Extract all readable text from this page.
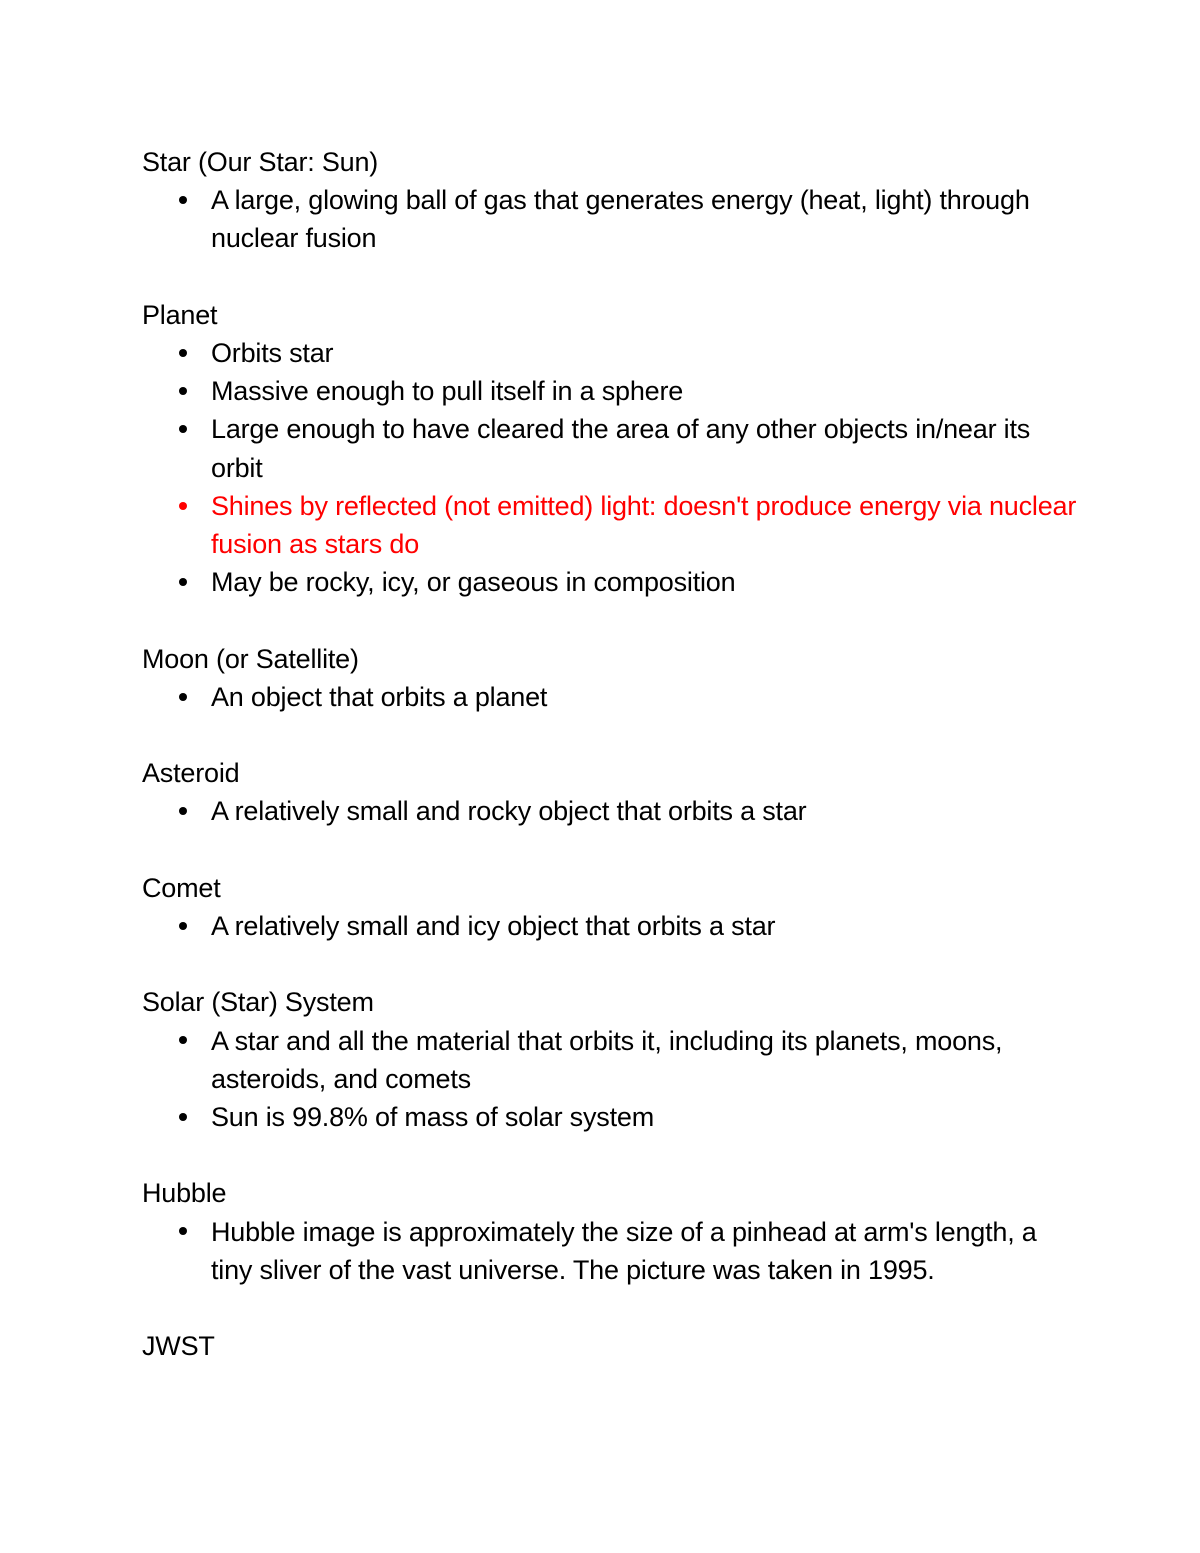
Star (Our Star: Sun)

A large, glowing ball of gas that generates energy (heat, light) through nuclear fusion

Planet

Orbits star
Massive enough to pull itself in a sphere
Large enough to have cleared the area of any other objects in/near its orbit
Shines by reflected (not emitted) light: doesn't produce energy via nuclear fusion as stars do
May be rocky, icy, or gaseous in composition

Moon (or Satellite)

An object that orbits a planet

Asteroid

A relatively small and rocky object that orbits a star

Comet

A relatively small and icy object that orbits a star

Solar (Star) System

A star and all the material that orbits it, including its planets, moons, asteroids, and comets
Sun is 99.8% of mass of solar system

Hubble

Hubble image is approximately the size of a pinhead at arm's length, a tiny sliver of the vast universe. The picture was taken in 1995.

JWST
